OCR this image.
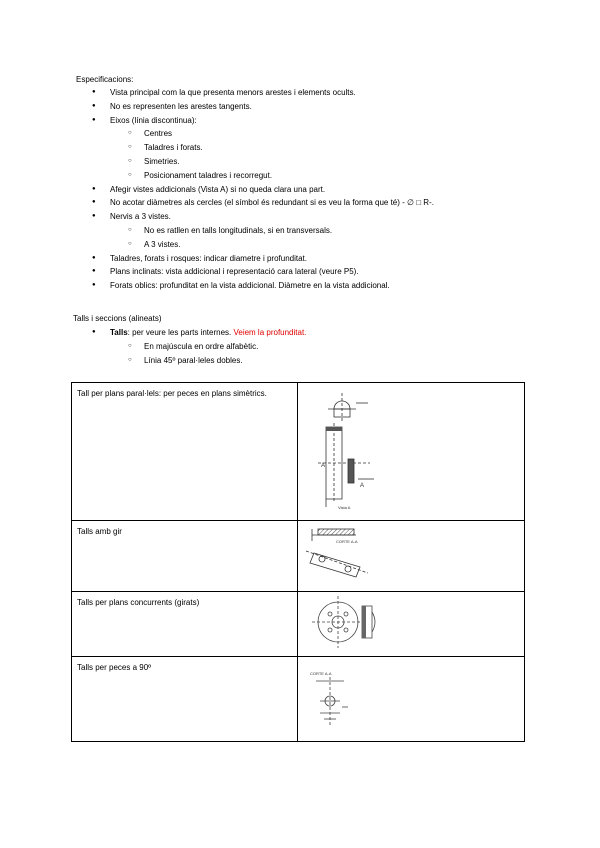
Especificacions:
● Vista principal com la que presenta menors arestes i elements ocults.
● No es representen les arestes tangents.
● Eixos (línia discontinua):
○ Centres
○ Taladres i forats.
○ Simetries.
○ Posicionament taladres i recorregut.
● Afegir vistes addicionals (Vista A) si no queda clara una part.
● No acotar diàmetres als cercles (el símbol és redundant si es veu la forma que té) - ∅ □ R-.
● Nervis a 3 vistes.
○ No es ratllen en talls longitudinals, si en transversals.
○ A 3 vistes.
● Taladres, forats i rosques: indicar diametre i profunditat.
● Plans inclinats: vista addicional i representació cara lateral (veure P5).
● Forats oblics: profunditat en la vista addicional. Diàmetre en la vista addicional.
Talls i seccions (alineats)
● Talls: per veure les parts internes. Veiem la profunditat.
○ En majúscula en ordre alfabètic.
○ Línia 45º paral·leles dobles.
Tall per plans paral·lels: per peces en plans simètrics.	A
A
Vista A

Talls amb gir	CORTE A-A

Talls per plans concurrents (girats)

Talls per peces a 90º	CORTE A-A
